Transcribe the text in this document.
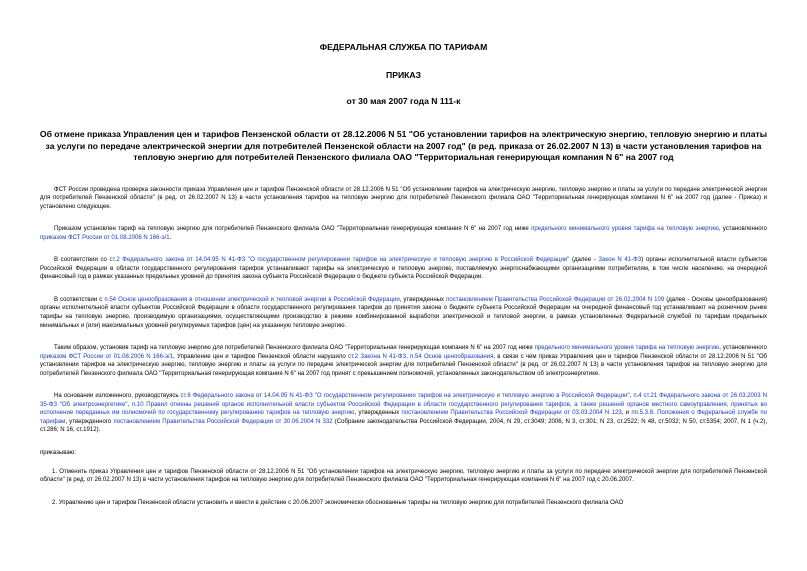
ФЕДЕРАЛЬНАЯ СЛУЖБА ПО ТАРИФАМ

ПРИКАЗ

от 30 мая 2007 года N 111-к

Об отмене приказа Управления цен и тарифов Пензенской области от 28.12.2006 N 51 "Об установлении тарифов на электрическую энергию, тепловую энергию и платы за услуги по передаче электрической энергии для потребителей Пензенской области на 2007 год" (в ред. приказа от 26.02.2007 N 13) в части установления тарифов на тепловую энергию для потребителей Пензенского филиала ОАО "Территориальная генерирующая компания N 6" на 2007 год

ФСТ России проведена проверка законности приказа Управления цен и тарифов Пензенской области от 28.12.2006 N 51 "Об установлении тарифов на электрическую энергию, тепловую энергию и платы за услуги по передаче электрической энергии для потребителей Пензенской области" (в ред. от 26.02.2007 N 13) в части установления тарифов на тепловую энергию для потребителей Пензенского филиала ОАО "Территориальная генерирующая компания N 6" на 2007 год (далее - Приказ) и установлено следующее.

Приказом установлен тариф на тепловую энергию для потребителей Пензенского филиала ОАО "Территориальная генерирующая компания N 6" на 2007 год ниже предельного минимального уровня тарифа на тепловую энергию, установленного приказом ФСТ России от 01.08.2006 N 166-э/1.

В соответствии со ст.2 Федерального закона от 14.04.95 N 41-ФЗ "О государственном регулировании тарифов на электрическую и тепловую энергию в Российской Федерации" (далее - Закон N 41-ФЗ) органы исполнительной власти субъектов Российской Федерации в области государственного регулирования тарифов устанавливают тарифы на электрическую и тепловую энергию, поставляемую энергоснабжающими организациями потребителям, в том числе населению, на очередной финансовый год в рамках указанных предельных уровней до принятия закона субъекта Российской Федерации о бюджете субъекта Российской Федерации.

В соответствии с п.54 Основ ценообразования в отношении электрической и тепловой энергии в Российской Федерации, утвержденных постановлением Правительства Российской Федерации от 26.02.2004 N 109 (далее - Основы ценообразования) органы исполнительной власти субъектов Российской Федерации в области государственного регулирования тарифов до принятия закона о бюджете субъекта Российской Федерации на очередной финансовый год устанавливают на розничном рынке тарифы на тепловую энергию, производимую организациями, осуществляющими производство в режиме комбинированной выработки электрической и тепловой энергии, в рамках установленных Федеральной службой по тарифам предельных минимальных и (или) максимальных уровней регулируемых тарифов (цен) на указанную тепловую энергию.

Таким образом, установив тариф на тепловую энергию для потребителей Пензенского филиала ОАО "Территориальная генерирующая компания N 6" на 2007 год ниже предельного минимального уровня тарифа на тепловую энергию, установленного приказом ФСТ России от 01.08.2006 N 166-э/1, Управление цен и тарифов Пензенской области нарушило ст.2 Закона N 41-ФЗ, п.54 Основ ценообразования, в связи с чем приказ Управления цен и тарифов Пензенской области от 28.12.2006 N 51 "Об установлении тарифов на электрическую энергию, тепловую энергию и платы за услуги по передаче электрической энергии для потребителей Пензенской области" (в ред. от 26.02.2007 N 13) в части установления тарифов на тепловую энергию для потребителей Пензенского филиала ОАО "Территориальная генерирующая компания N 6" на 2007 год принят с превышением полномочий, установленных законодательством об электроэнергетике.

На основании изложенного, руководствуясь ст.6 Федерального закона от 14.04.95 N 41-ФЗ "О государственном регулировании тарифов на электрическую и тепловую энергию в Российской Федерации", п.4 ст.21 Федерального закона от 26.03.2003 N 35-ФЗ "Об электроэнергетике", п.10 Правил отмены решений органов исполнительной власти субъектов Российской Федерации в области государственного регулирования тарифов, а также решений органов местного самоуправления, принятых во исполнение переданных им полномочий по государственному регулированию тарифов на тепловую энергию, утвержденных постановлением Правительства Российской Федерации от 03.03.2004 N 123, и пп.5.3.8. Положения о Федеральной службе по тарифам, утвержденного постановлением Правительства Российской Федерации от 30.06.2004 N 332 (Собрание законодательства Российской Федерации, 2004, N 29, ст.3049; 2006, N 3, ст.301; N 23, ст.2522; N 48, ст.5032; N 50, ст.5354; 2007, N 1 (ч.2), ст.286; N 16, ст.1912).

приказываю:

1. Отменить приказ Управления цен и тарифов Пензенской области от 28.12.2006 N 51 "Об установлении тарифов на электрическую энергию, тепловую энергию и платы за услуги по передаче электрической энергии для потребителей Пензенской области" (в ред. от 26.02.2007 N 13) в части установления тарифов на тепловую энергию для потребителей Пензенского филиала ОАО "Территориальная генерирующая компания N 6" на 2007 год с 20.06.2007.

2. Управлению цен и тарифов Пензенской области установить и ввести в действие с 20.06.2007 экономически обоснованные тарифы на тепловую энергию для потребителей Пензенского филиала ОАО
